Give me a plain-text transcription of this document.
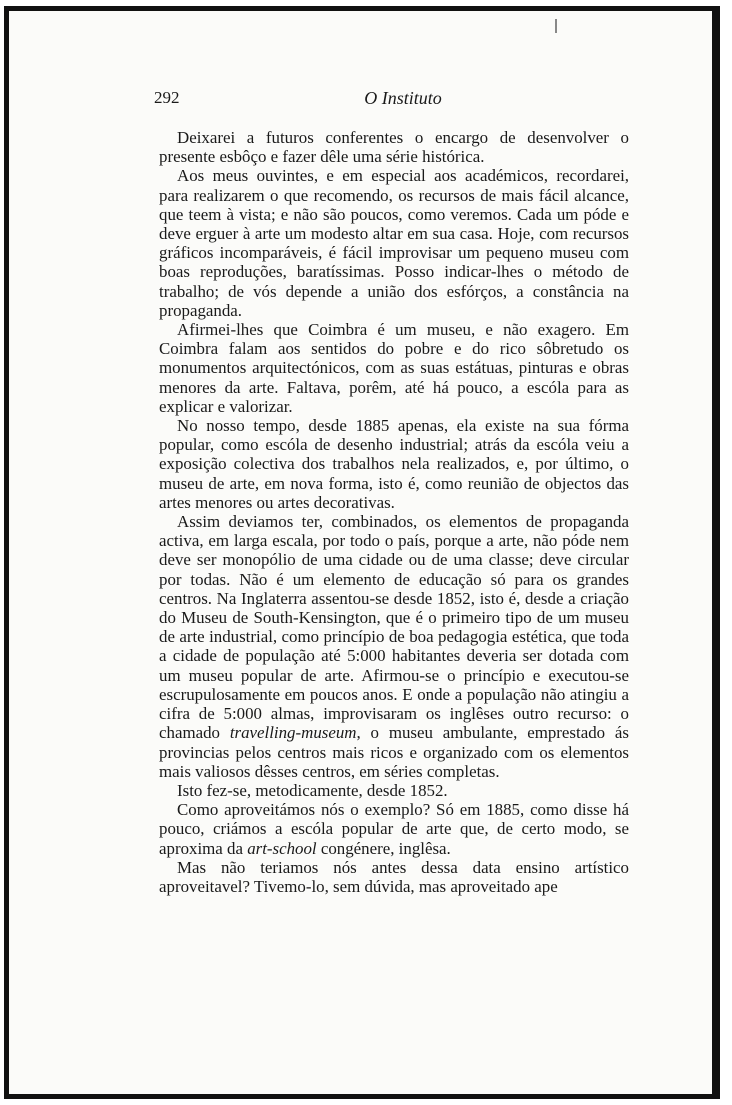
292	O Instituto

Deixarei a futuros conferentes o encargo de desenvolver o presente esbôço e fazer dêle uma série histórica.

Aos meus ouvintes, e em especial aos académicos, recordarei, para realizarem o que recomendo, os recursos de mais fácil alcance, que teem à vista; e não são poucos, como veremos. Cada um póde e deve erguer à arte um modesto altar em sua casa. Hoje, com recursos gráficos incomparáveis, é fácil improvisar um pequeno museu com boas reproduções, baratíssimas. Posso indicar-lhes o método de trabalho; de vós depende a união dos esfórços, a constância na propaganda.

Afirmei-lhes que Coimbra é um museu, e não exagero. Em Coimbra falam aos sentidos do pobre e do rico sôbretudo os monumentos arquitectónicos, com as suas estátuas, pinturas e obras menores da arte. Faltava, porêm, até há pouco, a escóla para as explicar e valorizar.

No nosso tempo, desde 1885 apenas, ela existe na sua fórma popular, como escóla de desenho industrial; atrás da escóla veiu a exposição colectiva dos trabalhos nela realizados, e, por último, o museu de arte, em nova forma, isto é, como reunião de objectos das artes menores ou artes decorativas.

Assim deviamos ter, combinados, os elementos de propaganda activa, em larga escala, por todo o país, porque a arte, não póde nem deve ser monopólio de uma cidade ou de uma classe; deve circular por todas. Não é um elemento de educação só para os grandes centros. Na Inglaterra assentou-se desde 1852, isto é, desde a criação do Museu de South-Kensington, que é o primeiro tipo de um museu de arte industrial, como princípio de boa pedagogia estética, que toda a cidade de população até 5:000 habitantes deveria ser dotada com um museu popular de arte. Afirmou-se o princípio e executou-se escrupulosamente em poucos anos. E onde a população não atingiu a cifra de 5:000 almas, improvisaram os inglêses outro recurso: o chamado travelling-museum, o museu ambulante, emprestado ás provincias pelos centros mais ricos e organizado com os elementos mais valiosos dêsses centros, em séries completas.

Isto fez-se, metodicamente, desde 1852.

Como aproveitámos nós o exemplo? Só em 1885, como disse há pouco, criámos a escóla popular de arte que, de certo modo, se aproxima da art-school congénere, inglêsa.

Mas não teriamos nós antes dessa data ensino artístico aproveitavel? Tivemo-lo, sem dúvida, mas aproveitado ape
